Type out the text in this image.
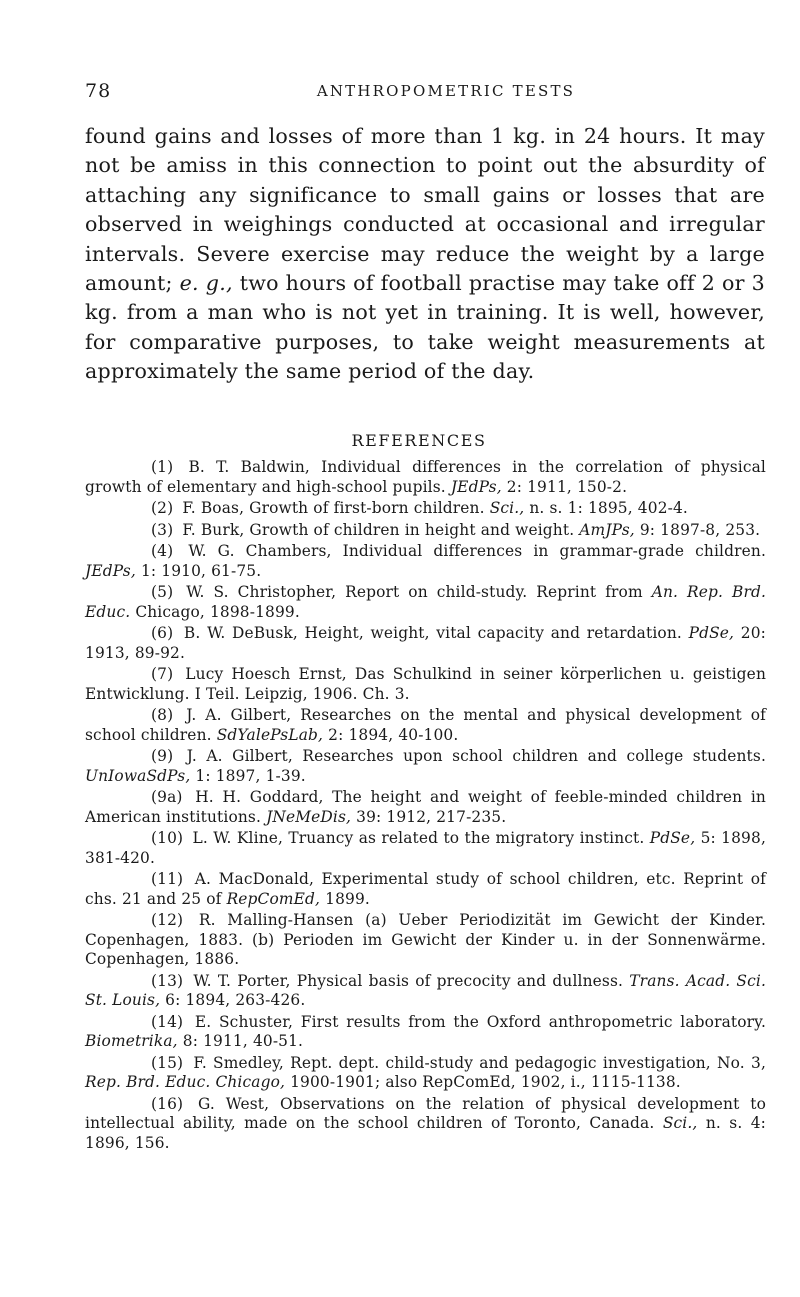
78	ANTHROPOMETRIC TESTS

found gains and losses of more than 1 kg. in 24 hours. It may not be amiss in this connection to point out the absurdity of attaching any significance to small gains or losses that are observed in weighings conducted at occasional and irregular intervals. Severe exercise may reduce the weight by a large amount; e. g., two hours of football practise may take off 2 or 3 kg. from a man who is not yet in training. It is well, however, for comparative purposes, to take weight measurements at approximately the same period of the day.

REFERENCES

(1) B. T. Baldwin, Individual differences in the correlation of physical growth of elementary and high-school pupils. JEdPs, 2: 1911, 150-2.

(2) F. Boas, Growth of first-born children. Sci., n. s. 1: 1895, 402-4.

(3) F. Burk, Growth of children in height and weight. AmJPs, 9: 1897-8, 253.

(4) W. G. Chambers, Individual differences in grammar-grade children. JEdPs, 1: 1910, 61-75.

(5) W. S. Christopher, Report on child-study. Reprint from An. Rep. Brd. Educ. Chicago, 1898-1899.

(6) B. W. DeBusk, Height, weight, vital capacity and retardation. PdSe, 20: 1913, 89-92.

(7) Lucy Hoesch Ernst, Das Schulkind in seiner körperlichen u. geistigen Entwicklung. I Teil. Leipzig, 1906. Ch. 3.

(8) J. A. Gilbert, Researches on the mental and physical development of school children. SdYalePsLab, 2: 1894, 40-100.

(9) J. A. Gilbert, Researches upon school children and college students. UnIowaSdPs, 1: 1897, 1-39.

(9a) H. H. Goddard, The height and weight of feeble-minded children in American institutions. JNeMeDis, 39: 1912, 217-235.

(10) L. W. Kline, Truancy as related to the migratory instinct. PdSe, 5: 1898, 381-420.

(11) A. MacDonald, Experimental study of school children, etc. Reprint of chs. 21 and 25 of RepComEd, 1899.

(12) R. Malling-Hansen (a) Ueber Periodizität im Gewicht der Kinder. Copenhagen, 1883. (b) Perioden im Gewicht der Kinder u. in der Sonnenwärme. Copenhagen, 1886.

(13) W. T. Porter, Physical basis of precocity and dullness. Trans. Acad. Sci. St. Louis, 6: 1894, 263-426.

(14) E. Schuster, First results from the Oxford anthropometric laboratory. Biometrika, 8: 1911, 40-51.

(15) F. Smedley, Rept. dept. child-study and pedagogic investigation, No. 3, Rep. Brd. Educ. Chicago, 1900-1901; also RepComEd, 1902, i., 1115-1138.

(16) G. West, Observations on the relation of physical development to intellectual ability, made on the school children of Toronto, Canada. Sci., n. s. 4: 1896, 156.
